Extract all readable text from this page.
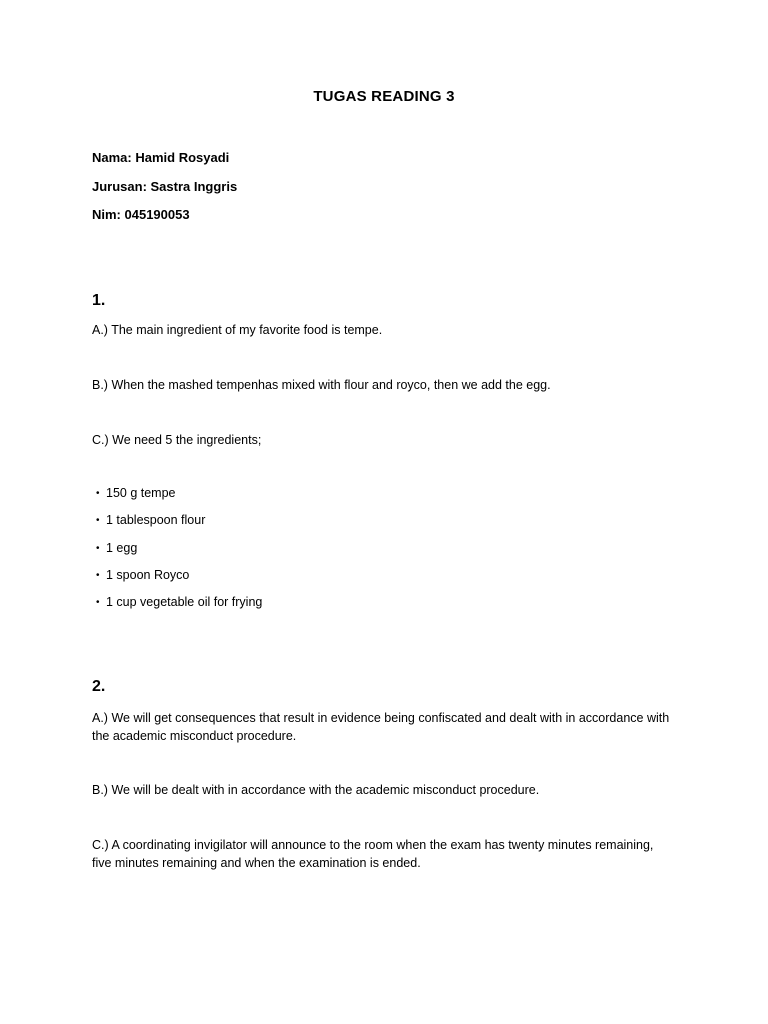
TUGAS READING 3
Nama: Hamid Rosyadi
Jurusan: Sastra Inggris
Nim: 045190053
1.
A.) The main ingredient of my favorite food is tempe.
B.) When the mashed tempenhas mixed with flour and royco, then we add the egg.
C.) We need 5 the ingredients;
• 150 g tempe
• 1 tablespoon flour
• 1 egg
• 1 spoon Royco
• 1 cup vegetable oil for frying
2.
A.) We will get consequences that result in evidence being confiscated and dealt with in accordance with the academic misconduct procedure.
B.) We will be dealt with in accordance with the academic misconduct procedure.
C.) A coordinating invigilator will announce to the room when the exam has twenty minutes remaining, five minutes remaining and when the examination is ended.
